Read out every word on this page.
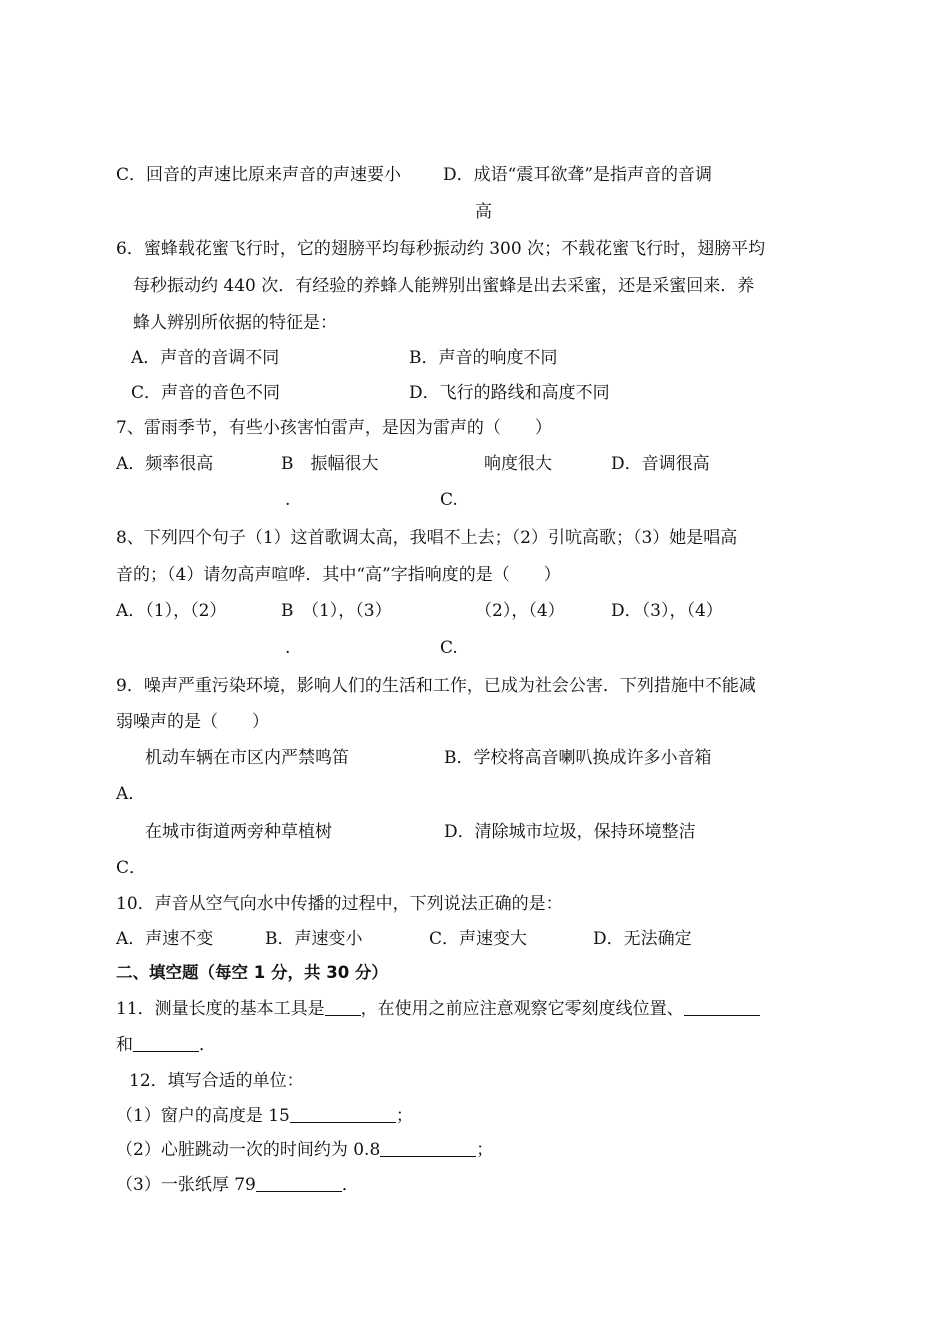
C．回音的声速比原来声音的声速要小 D．成语“震耳欲聋”是指声音的音调
高
6．蜜蜂载花蜜飞行时，它的翅膀平均每秒振动约 300 次；不载花蜜飞行时，翅膀平均
每秒振动约 440 次．有经验的养蜂人能辨别出蜜蜂是出去采蜜，还是采蜜回来．养
蜂人辨别所依据的特征是：
A．声音的音调不同	B．声音的响度不同
C．声音的音色不同	D．飞行的路线和高度不同
7、雷雨季节，有些小孩害怕雷声，是因为雷声的（　　）
A．频率很高	B　振幅很大
.
响度很大
C.
D．音调很高
8、下列四个句子（1）这首歌调太高，我唱不上去；（2）引吭高歌；（3）她是唱高
音的；（4）请勿高声喧哗．其中“高”字指响度的是（　　）
A．（1），（2）	B　（1），（3）
.
（2），（4）
C.
D．（3），（4）
9．噪声严重污染环境，影响人们的生活和工作，已成为社会公害．下列措施中不能减
弱噪声的是（　　）
机动车辆在市区内严禁鸣笛
A．
B．学校将高音喇叭换成许多小音箱
在城市街道两旁种草植树
C．
D．清除城市垃圾，保持环境整洁
10．声音从空气向水中传播的过程中，下列说法正确的是：
A．声速不变	B．声速变小	C．声速变大	D．无法确定
二、填空题（每空 1 分，共 30 分）
11．测量长度的基本工具是 ，在使用之前应注意观察它零刻度线位置、
和	．
12．填写合适的单位：
（1）窗户的高度是 15	；
（2）心脏跳动一次的时间约为 0.8	；
（3）一张纸厚 79	．
